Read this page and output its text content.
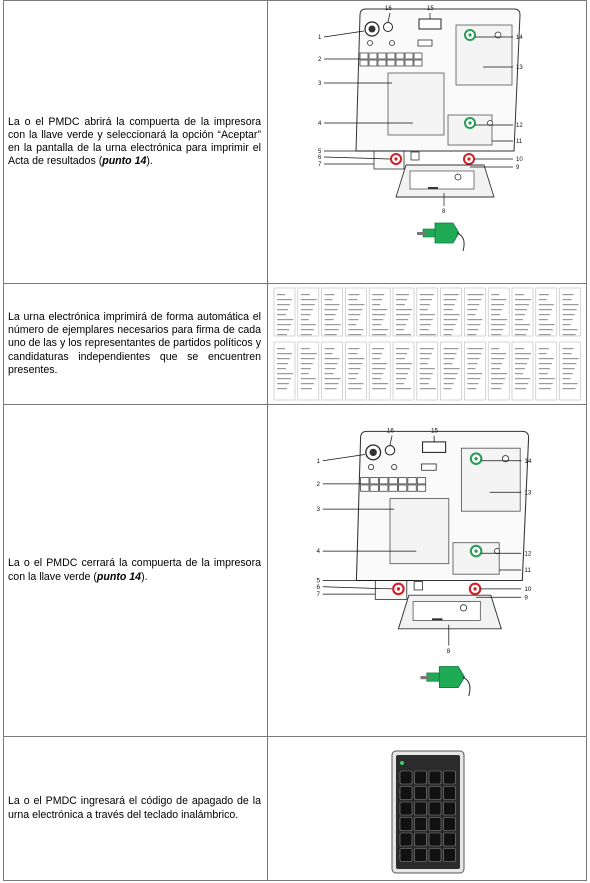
La o el PMDC abrirá la compuerta de la impresora con la llave verde y seleccionará la opción “Aceptar” en la pantalla de la urna electrónica para imprimir el Acta de resultados (punto 14).

1
2
3
4
5
6
7
8
9
10
11
12
13
14
15
16

La urna electrónica imprimirá de forma automática el número de ejemplares necesarios para firma de cada uno de las y los representantes de partidos políticos y candidaturas independientes que se encuentren presentes.

La o el PMDC cerrará la compuerta de la impresora con la llave verde (punto 14).

1
2
3
4
5
6
7
8
9
10
11
12
13
14
15
16

La o el PMDC ingresará el código de apagado de la urna electrónica a través del teclado inalámbrico.
